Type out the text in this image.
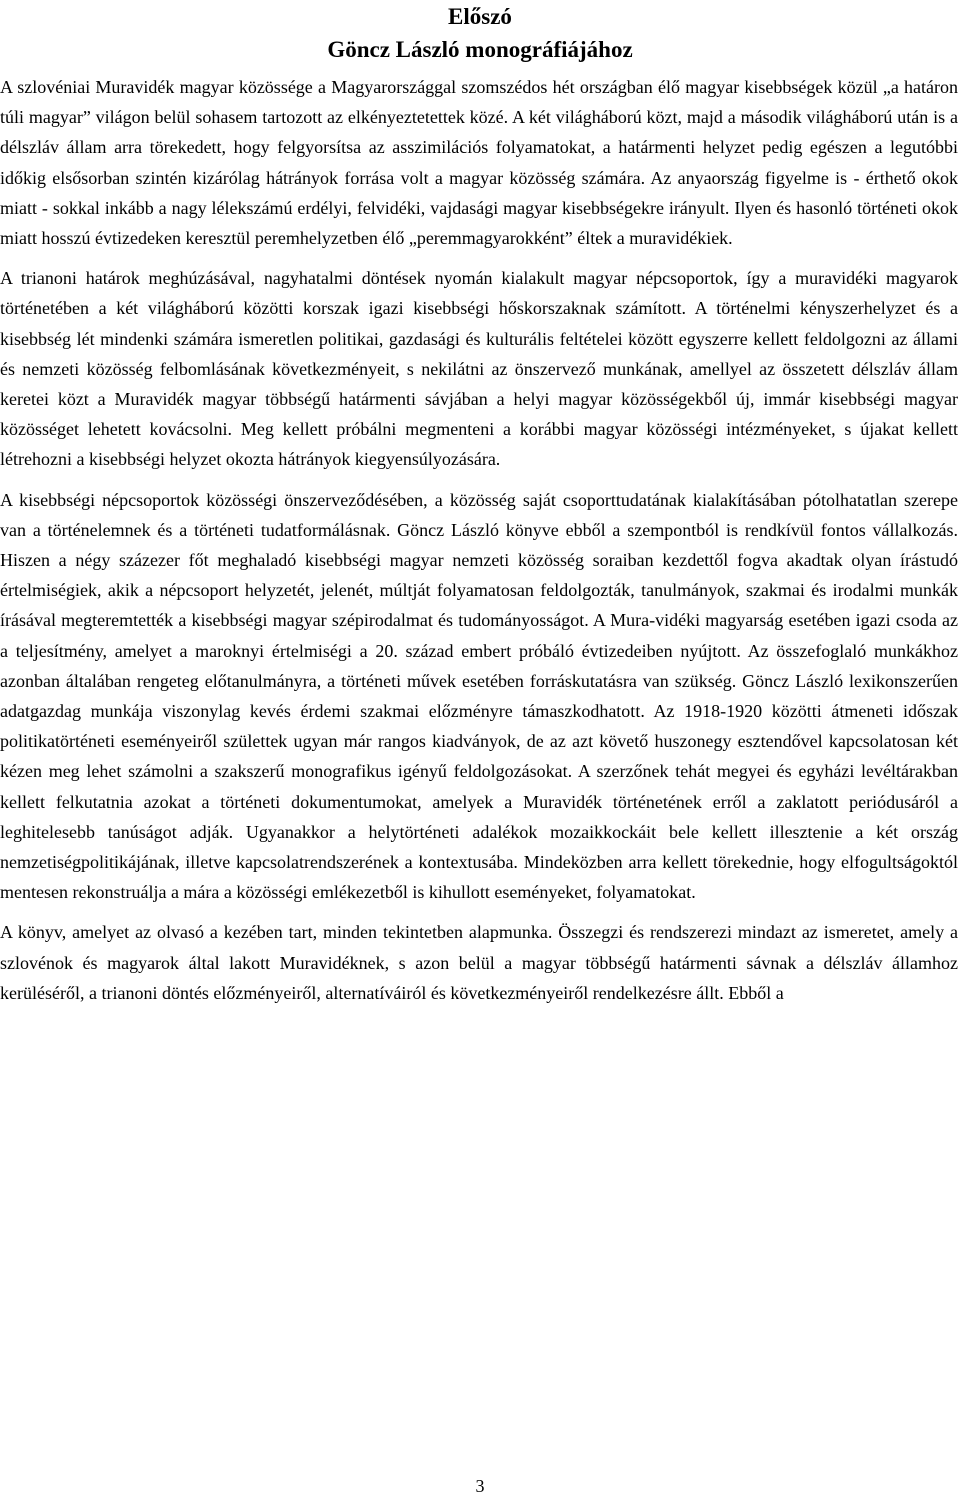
Előszó
Göncz László monográfiájához

A szlovéniai Muravidék magyar közössége a Magyarországgal szomszédos hét országban élő magyar kisebbségek közül „a határon túli magyar” világon belül sohasem tartozott az elkényeztetettek közé. A két világháború közt, majd a második világháború után is a délszláv állam arra törekedett, hogy felgyorsítsa az asszimilációs folyamatokat, a határmenti helyzet pedig egészen a legutóbbi időkig elsősorban szintén kizárólag hátrányok forrása volt a magyar közösség számára. Az anyaország figyelme is - érthető okok miatt - sokkal inkább a nagy lélekszámú erdélyi, felvidéki, vajdasági magyar kisebbségekre irányult. Ilyen és hasonló történeti okok miatt hosszú évtizedeken keresztül peremhelyzetben élő „peremmagyarokként” éltek a muravidékiek.

A trianoni határok meghúzásával, nagyhatalmi döntések nyomán kialakult magyar népcsoportok, így a muravidéki magyarok történetében a két világháború közötti korszak igazi kisebbségi hőskorszaknak számított. A történelmi kényszerhelyzet és a kisebbség lét mindenki számára ismeretlen politikai, gazdasági és kulturális feltételei között egyszerre kellett feldolgozni az állami és nemzeti közösség felbomlásának következményeit, s nekilátni az önszervező munkának, amellyel az összetett délszláv állam keretei közt a Muravidék magyar többségű határmenti sávjában a helyi magyar közösségekből új, immár kisebbségi magyar közösséget lehetett kovácsolni. Meg kellett próbálni megmenteni a korábbi magyar közösségi intézményeket, s újakat kellett létrehozni a kisebbségi helyzet okozta hátrányok kiegyensúlyozására.

A kisebbségi népcsoportok közösségi önszerveződésében, a közösség saját csoporttudatának kialakításában pótolhatatlan szerepe van a történelemnek és a történeti tudatformálásnak. Göncz László könyve ebből a szempontból is rendkívül fontos vállalkozás. Hiszen a négy százezer főt meghaladó kisebbségi magyar nemzeti közösség soraiban kezdettől fogva akadtak olyan írástudó értelmiségiek, akik a népcsoport helyzetét, jelenét, múltját folyamatosan feldolgozták, tanulmányok, szakmai és irodalmi munkák írásával megteremtették a kisebbségi magyar szépirodalmat és tudományosságot. A Mura-vidéki magyarság esetében igazi csoda az a teljesítmény, amelyet a maroknyi értelmiségi a 20. század embert próbáló évtizedeiben nyújtott. Az összefoglaló munkákhoz azonban általában rengeteg előtanulmányra, a történeti művek esetében forráskutatásra van szükség. Göncz László lexikonszerűen adatgazdag munkája viszonylag kevés érdemi szakmai előzményre támaszkodhatott. Az 1918-1920 közötti átmeneti időszak politikatörténeti eseményeiről születtek ugyan már rangos kiadványok, de az azt követő huszonegy esztendővel kapcsolatosan két kézen meg lehet számolni a szakszerű monografikus igényű feldolgozásokat. A szerzőnek tehát megyei és egyházi levéltárakban kellett felkutatnia azokat a történeti dokumentumokat, amelyek a Muravidék történetének erről a zaklatott periódusáról a leghitelesebb tanúságot adják. Ugyanakkor a helytörténeti adalékok mozaikkockáit bele kellett illesztenie a két ország nemzetiségpolitikájának, illetve kapcsolatrendszerének a kontextusába. Mindeközben arra kellett törekednie, hogy elfogultságoktól mentesen rekonstruálja a mára a közösségi emlékezetből is kihullott eseményeket, folyamatokat.

A könyv, amelyet az olvasó a kezében tart, minden tekintetben alapmunka. Összegzi és rendszerezi mindazt az ismeretet, amely a szlovénok és magyarok által lakott Muravidéknek, s azon belül a magyar többségű határmenti sávnak a délszláv államhoz kerüléséről, a trianoni döntés előzményeiről, alternatíváiról és következményeiről rendelkezésre állt. Ebből a

3
